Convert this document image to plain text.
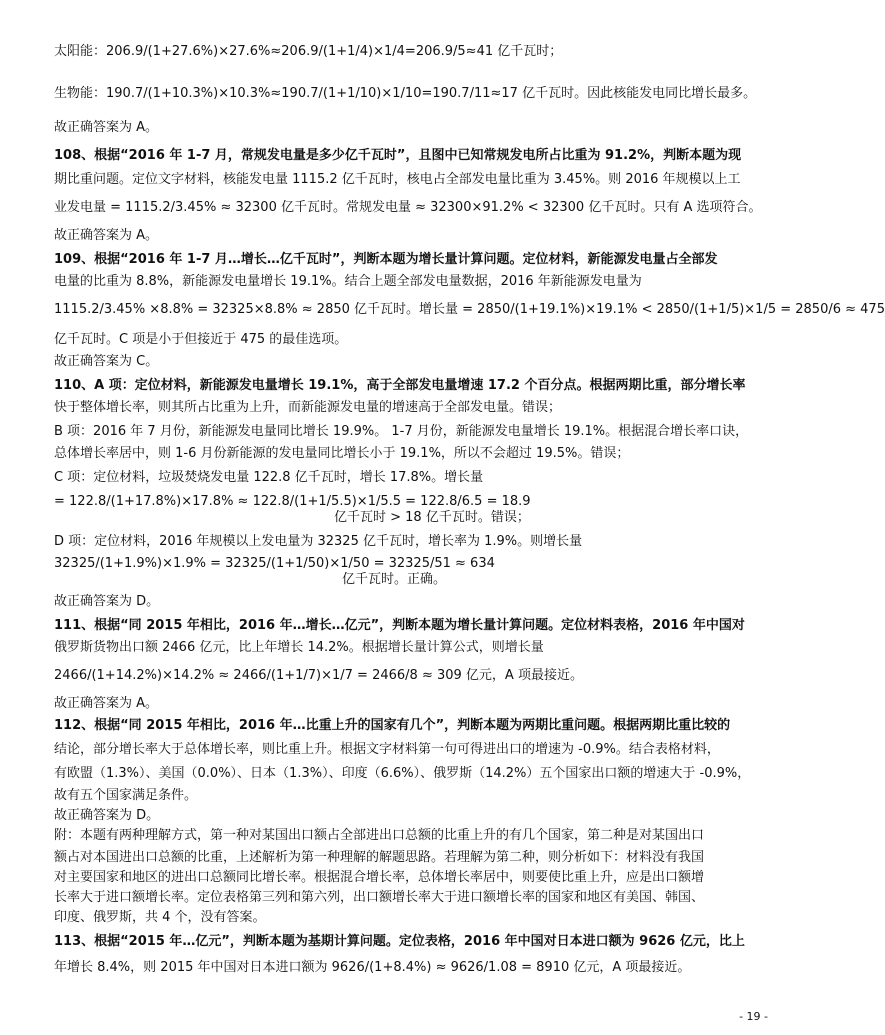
太阳能：206.9/(1+27.6%)×27.6%≈206.9/(1+1/4)×1/4=206.9/5≈41 亿千瓦时；
生物能：190.7/(1+10.3%)×10.3%≈190.7/(1+1/10)×1/10=190.7/11≈17 亿千瓦时。因此核能发电同比增长最多。
故正确答案为 A。
108、根据“2016 年 1-7 月，常规发电量是多少亿千瓦时”，且图中已知常规发电所占比重为 91.2%，判断本题为现
期比重问题。定位文字材料，核能发电量 1115.2 亿千瓦时，核电占全部发电量比重为 3.45%。则 2016 年规模以上工
业发电量 = 1115.2/3.45% ≈ 32300 亿千瓦时。常规发电量 ≈ 32300×91.2% < 32300 亿千瓦时。只有 A 选项符合。
故正确答案为 A。
109、根据“2016 年 1-7 月…增长…亿千瓦时”，判断本题为增长量计算问题。定位材料，新能源发电量占全部发
电量的比重为 8.8%，新能源发电量增长 19.1%。结合上题全部发电量数据，2016 年新能源发电量为
1115.2/3.45% ×8.8% = 32325×8.8% ≈ 2850 亿千瓦时。增长量 = 2850/(1+19.1%)×19.1% < 2850/(1+1/5)×1/5 = 2850/6 ≈ 475
亿千瓦时。C 项是小于但接近于 475 的最佳选项。
故正确答案为 C。
110、A 项：定位材料，新能源发电量增长 19.1%，高于全部发电量增速 17.2 个百分点。根据两期比重，部分增长率
快于整体增长率，则其所占比重为上升，而新能源发电量的增速高于全部发电量。错误；
B 项：2016 年 7 月份，新能源发电量同比增长 19.9%。 1-7 月份，新能源发电量增长 19.1%。根据混合增长率口诀，
总体增长率居中，则 1-6 月份新能源的发电量同比增长小于 19.1%，所以不会超过 19.5%。错误；
C 项：定位材料，垃圾焚烧发电量 122.8 亿千瓦时，增长 17.8%。增长量
= 122.8/(1+17.8%)×17.8% ≈ 122.8/(1+1/5.5)×1/5.5 = 122.8/6.5 = 18.9
亿千瓦时 > 18 亿千瓦时。错误；
D 项：定位材料，2016 年规模以上发电量为 32325 亿千瓦时，增长率为 1.9%。则增长量
32325/(1+1.9%)×1.9% = 32325/(1+1/50)×1/50 = 32325/51 ≈ 634
亿千瓦时。正确。
故正确答案为 D。
111、根据“同 2015 年相比，2016 年…增长…亿元”，判断本题为增长量计算问题。定位材料表格，2016 年中国对
俄罗斯货物出口额 2466 亿元，比上年增长 14.2%。根据增长量计算公式，则增长量
2466/(1+14.2%)×14.2% ≈ 2466/(1+1/7)×1/7 = 2466/8 ≈ 309 亿元，A 项最接近。
故正确答案为 A。
112、根据“同 2015 年相比，2016 年…比重上升的国家有几个”，判断本题为两期比重问题。根据两期比重比较的
结论，部分增长率大于总体增长率，则比重上升。根据文字材料第一句可得进出口的增速为 -0.9%。结合表格材料，
有欧盟（1.3%）、美国（0.0%）、日本（1.3%）、印度（6.6%）、俄罗斯（14.2%）五个国家出口额的增速大于 -0.9%，
故有五个国家满足条件。
故正确答案为 D。
附：本题有两种理解方式，第一种对某国出口额占全部进出口总额的比重上升的有几个国家，第二种是对某国出口
额占对本国进出口总额的比重，上述解析为第一种理解的解题思路。若理解为第二种，则分析如下：材料没有我国
对主要国家和地区的进出口总额同比增长率。根据混合增长率，总体增长率居中，则要使比重上升，应是出口额增
长率大于进口额增长率。定位表格第三列和第六列，出口额增长率大于进口额增长率的国家和地区有美国、韩国、
印度、俄罗斯，共 4 个，没有答案。
113、根据“2015 年…亿元”，判断本题为基期计算问题。定位表格，2016 年中国对日本进口额为 9626 亿元，比上
年增长 8.4%，则 2015 年中国对日本进口额为 9626/(1+8.4%) ≈ 9626/1.08 = 8910 亿元，A 项最接近。
- 19 -
